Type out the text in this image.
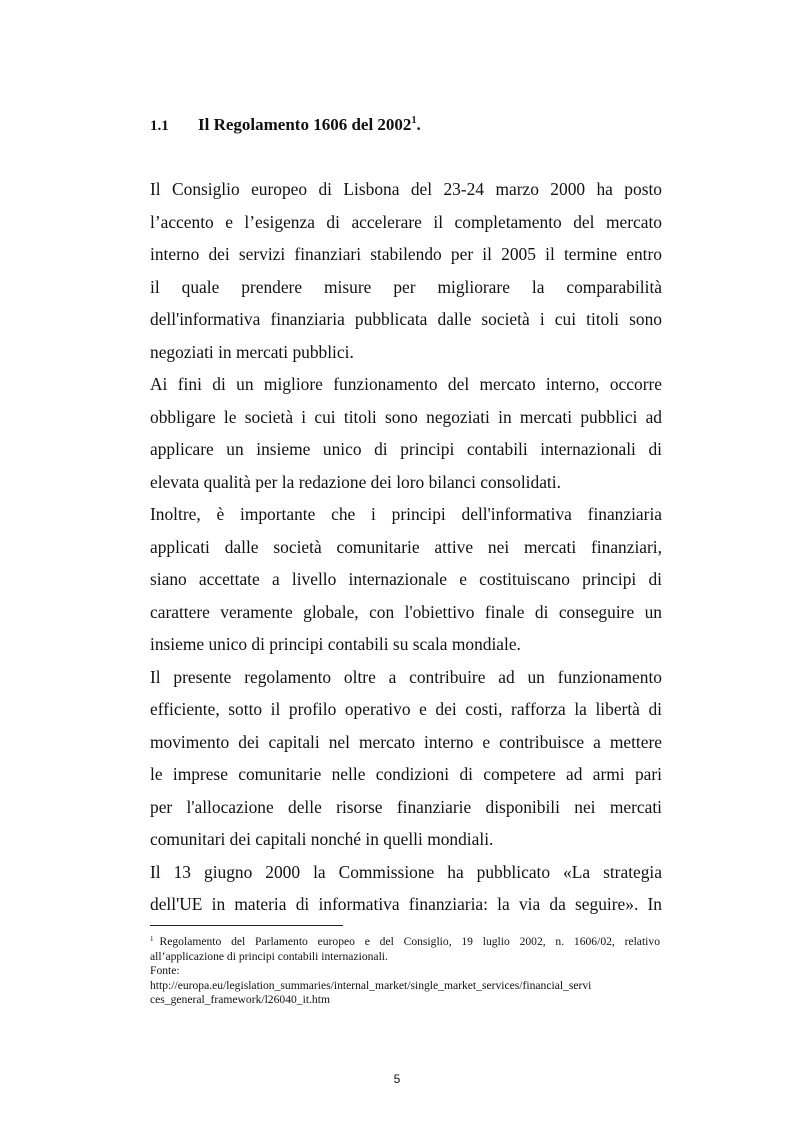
1.1 Il Regolamento 1606 del 2002$^1$.
Il Consiglio europeo di Lisbona del 23-24 marzo 2000 ha posto
l’accento e l’esigenza di accelerare il completamento del mercato
interno dei servizi finanziari stabilendo per il 2005 il termine entro
il quale prendere misure per migliorare la comparabilità
dell'informativa finanziaria pubblicata dalle società i cui titoli sono
negoziati in mercati pubblici.
Ai fini di un migliore funzionamento del mercato interno, occorre
obbligare le società i cui titoli sono negoziati in mercati pubblici ad
applicare un insieme unico di principi contabili internazionali di
elevata qualità per la redazione dei loro bilanci consolidati.
Inoltre, è importante che i principi dell'informativa finanziaria
applicati dalle società comunitarie attive nei mercati finanziari,
siano accettate a livello internazionale e costituiscano principi di
carattere veramente globale, con l'obiettivo finale di conseguire un
insieme unico di principi contabili su scala mondiale.
Il presente regolamento oltre a contribuire ad un funzionamento
efficiente, sotto il profilo operativo e dei costi, rafforza la libertà di
movimento dei capitali nel mercato interno e contribuisce a mettere
le imprese comunitarie nelle condizioni di competere ad armi pari
per l'allocazione delle risorse finanziarie disponibili nei mercati
comunitari dei capitali nonché in quelli mondiali.
Il 13 giugno 2000 la Commissione ha pubblicato «La strategia
dell'UE in materia di informativa finanziaria: la via da seguire». In
$^1$ Regolamento del Parlamento europeo e del Consiglio, 19 luglio 2002, n. 1606/02, relativo
all’applicazione di principi contabili internazionali.
Fonte:
http://europa.eu/legislation_summaries/internal_market/single_market_services/financial_servi
ces_general_framework/l26040_it.htm
5
